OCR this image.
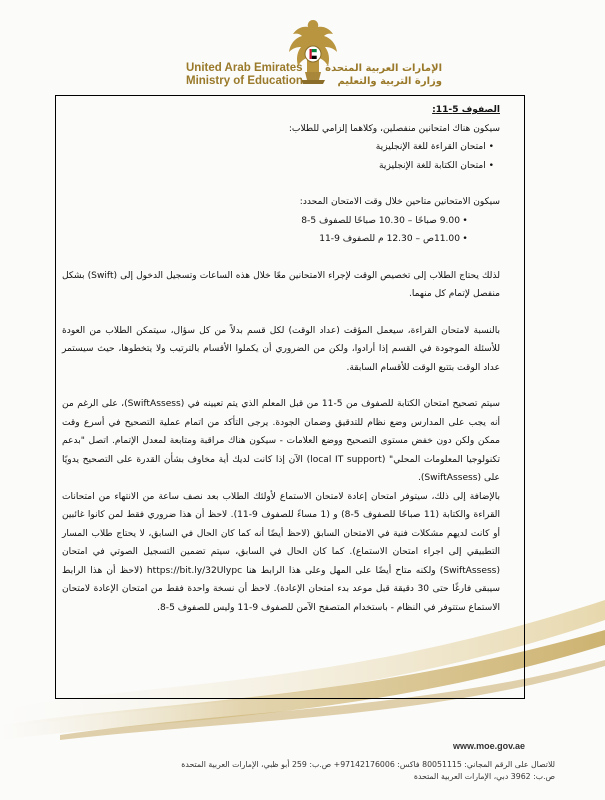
United Arab Emirates
Ministry of Education
الإمارات العربية المتحدة
وزارة التربية والتعليم

الصفوف 5-11:

سيكون هناك امتحانين منفصلين، وكلاهما إلزامي للطلاب:

• امتحان القراءة للغة الإنجليزية

• امتحان الكتابة للغة الإنجليزية

سيكون الامتحانين متاحين خلال وقت الامتحان المحدد:

•9.00 صباحًا – 10.30 صباحًا للصفوف 5-8

•11.00ص – 12.30 م للصفوف 9-11

لذلك يحتاج الطلاب إلى تخصيص الوقت لإجراء الامتحانين معًا خلال هذه الساعات وتسجيل الدخول إلى (Swift) بشكل منفصل لإتمام كل منهما.

بالنسبة لامتحان القراءة، سيعمل المؤقت (عداد الوقت) لكل قسم بدلاً من كل سؤال، سيتمكن الطلاب من العودة للأسئلة الموجودة في القسم إذا أرادوا، ولكن من الضروري أن يكملوا الأقسام بالترتيب ولا يتخطوها، حيث سيستمر عداد الوقت بتتبع الوقت للأقسام السابقة.

سيتم تصحيح امتحان الكتابة للصفوف من 5-11 من قبل المعلم الذي يتم تعيينه في (SwiftAssess)، على الرغم من أنه يجب على المدارس وضع نظام للتدقيق وضمان الجودة. يرجى التأكد من اتمام عملية التصحيح في أسرع وقت ممكن ولكن دون خفض مستوى التصحيح ووضع العلامات - سيكون هناك مراقبة ومتابعة لمعدل الإتمام. اتصل "بدعم تكنولوجيا المعلومات المحلي" (local IT support) الآن إذا كانت لديك أية مخاوف بشأن القدرة على التصحيح يدويًا على (SwiftAssess).

بالإضافة إلى ذلك، سيتوفر امتحان إعادة لامتحان الاستماع لأولئك الطلاب بعد نصف ساعة من الانتهاء من امتحانات القراءة والكتابة (11 صباحًا للصفوف 5-8) و (1 مساءً للصفوف 9-11). لاحظ أن هذا ضروري فقط لمن كانوا غائبين أو كانت لديهم مشكلات فنية في الامتحان السابق (لاحظ أيضًا أنه كما كان الحال في السابق، لا يحتاج طلاب المسار التطبيقي إلى اجراء امتحان الاستماع). كما كان الحال في السابق، سيتم تضمين التسجيل الصوتي في امتحان (SwiftAssess) ولكنه متاح أيضًا على المهل وعلى هذا الرابط هنا https://bit.ly/32Ulypc (لاحظ أن هذا الرابط سيبقى فارغًا حتى 30 دقيقة قبل موعد بدء امتحان الإعادة). لاحظ أن نسخة واحدة فقط من امتحان الإعادة لامتحان الاستماع ستتوفر في النظام - باستخدام المتصفح الآمن للصفوف 9-11 وليس للصفوف 5-8.

www.moe.gov.ae
للاتصال على الرقم المجاني: 80051115 فاكس: 97142176006+ ص.ب: 259 أبو ظبي، الإمارات العربية المتحدة
ص.ب: 3962 دبي، الإمارات العربية المتحدة
